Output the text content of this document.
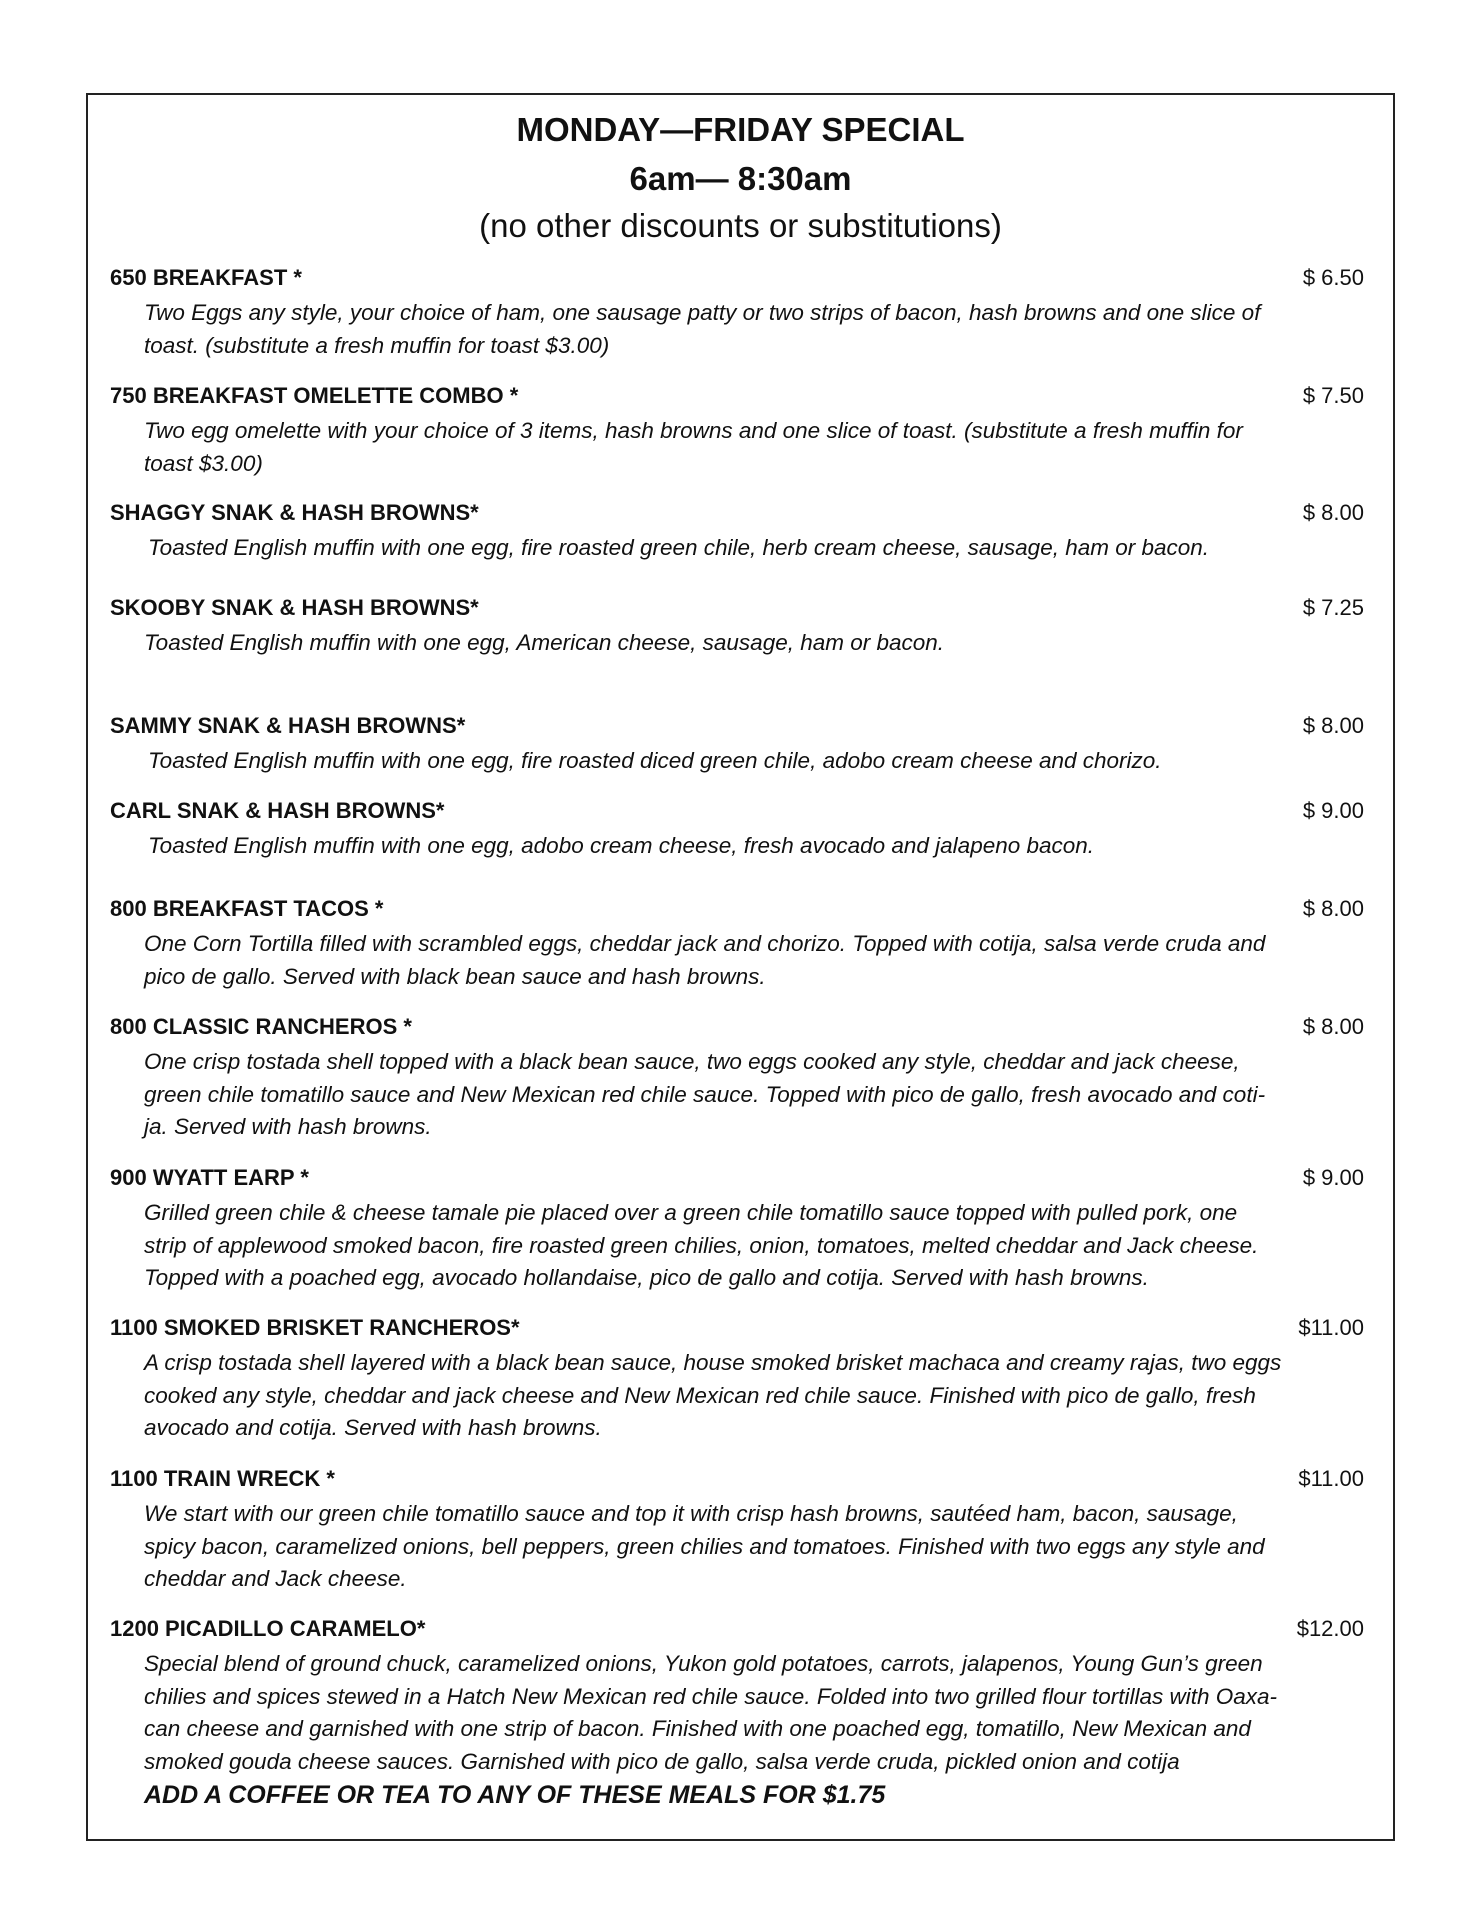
MONDAY—FRIDAY SPECIAL
6am— 8:30am
(no other discounts or substitutions)
650 BREAKFAST *	$ 6.50
Two Eggs any style, your choice of ham, one sausage patty or two strips of bacon, hash browns and one slice of
toast. (substitute a fresh muffin for toast $3.00)
750 BREAKFAST OMELETTE COMBO *	$ 7.50
Two egg omelette with your choice of 3 items, hash browns and one slice of toast. (substitute a fresh muffin for
toast $3.00)
SHAGGY SNAK & HASH BROWNS*	$ 8.00
Toasted English muffin with one egg, fire roasted green chile, herb cream cheese, sausage, ham or bacon.
SKOOBY SNAK & HASH BROWNS*	$ 7.25
Toasted English muffin with one egg, American cheese, sausage, ham or bacon.
SAMMY SNAK & HASH BROWNS*	$ 8.00
Toasted English muffin with one egg, fire roasted diced green chile, adobo cream cheese and chorizo.
CARL SNAK & HASH BROWNS*	$ 9.00
Toasted English muffin with one egg, adobo cream cheese, fresh avocado and jalapeno bacon.
800 BREAKFAST TACOS *	$ 8.00
One Corn Tortilla filled with scrambled eggs, cheddar jack and chorizo. Topped with cotija, salsa verde cruda and
pico de gallo. Served with black bean sauce and hash browns.
800 CLASSIC RANCHEROS *	$ 8.00
One crisp tostada shell topped with a black bean sauce, two eggs cooked any style, cheddar and jack cheese,
green chile tomatillo sauce and New Mexican red chile sauce. Topped with pico de gallo, fresh avocado and coti-
ja. Served with hash browns.
900 WYATT EARP *	$ 9.00
Grilled green chile & cheese tamale pie placed over a green chile tomatillo sauce topped with pulled pork, one
strip of applewood smoked bacon, fire roasted green chilies, onion, tomatoes, melted cheddar and Jack cheese.
Topped with a poached egg, avocado hollandaise, pico de gallo and cotija. Served with hash browns.
1100 SMOKED BRISKET RANCHEROS*	$11.00
A crisp tostada shell layered with a black bean sauce, house smoked brisket machaca and creamy rajas, two eggs
cooked any style, cheddar and jack cheese and New Mexican red chile sauce. Finished with pico de gallo, fresh
avocado and cotija. Served with hash browns.
1100 TRAIN WRECK *	$11.00
We start with our green chile tomatillo sauce and top it with crisp hash browns, sautéed ham, bacon, sausage,
spicy bacon, caramelized onions, bell peppers, green chilies and tomatoes. Finished with two eggs any style and
cheddar and Jack cheese.
1200 PICADILLO CARAMELO*	$12.00
Special blend of ground chuck, caramelized onions, Yukon gold potatoes, carrots, jalapenos, Young Gun’s green
chilies and spices stewed in a Hatch New Mexican red chile sauce. Folded into two grilled flour tortillas with Oaxa-
can cheese and garnished with one strip of bacon. Finished with one poached egg, tomatillo, New Mexican and
smoked gouda cheese sauces. Garnished with pico de gallo, salsa verde cruda, pickled onion and cotija
ADD A COFFEE OR TEA TO ANY OF THESE MEALS FOR $1.75
